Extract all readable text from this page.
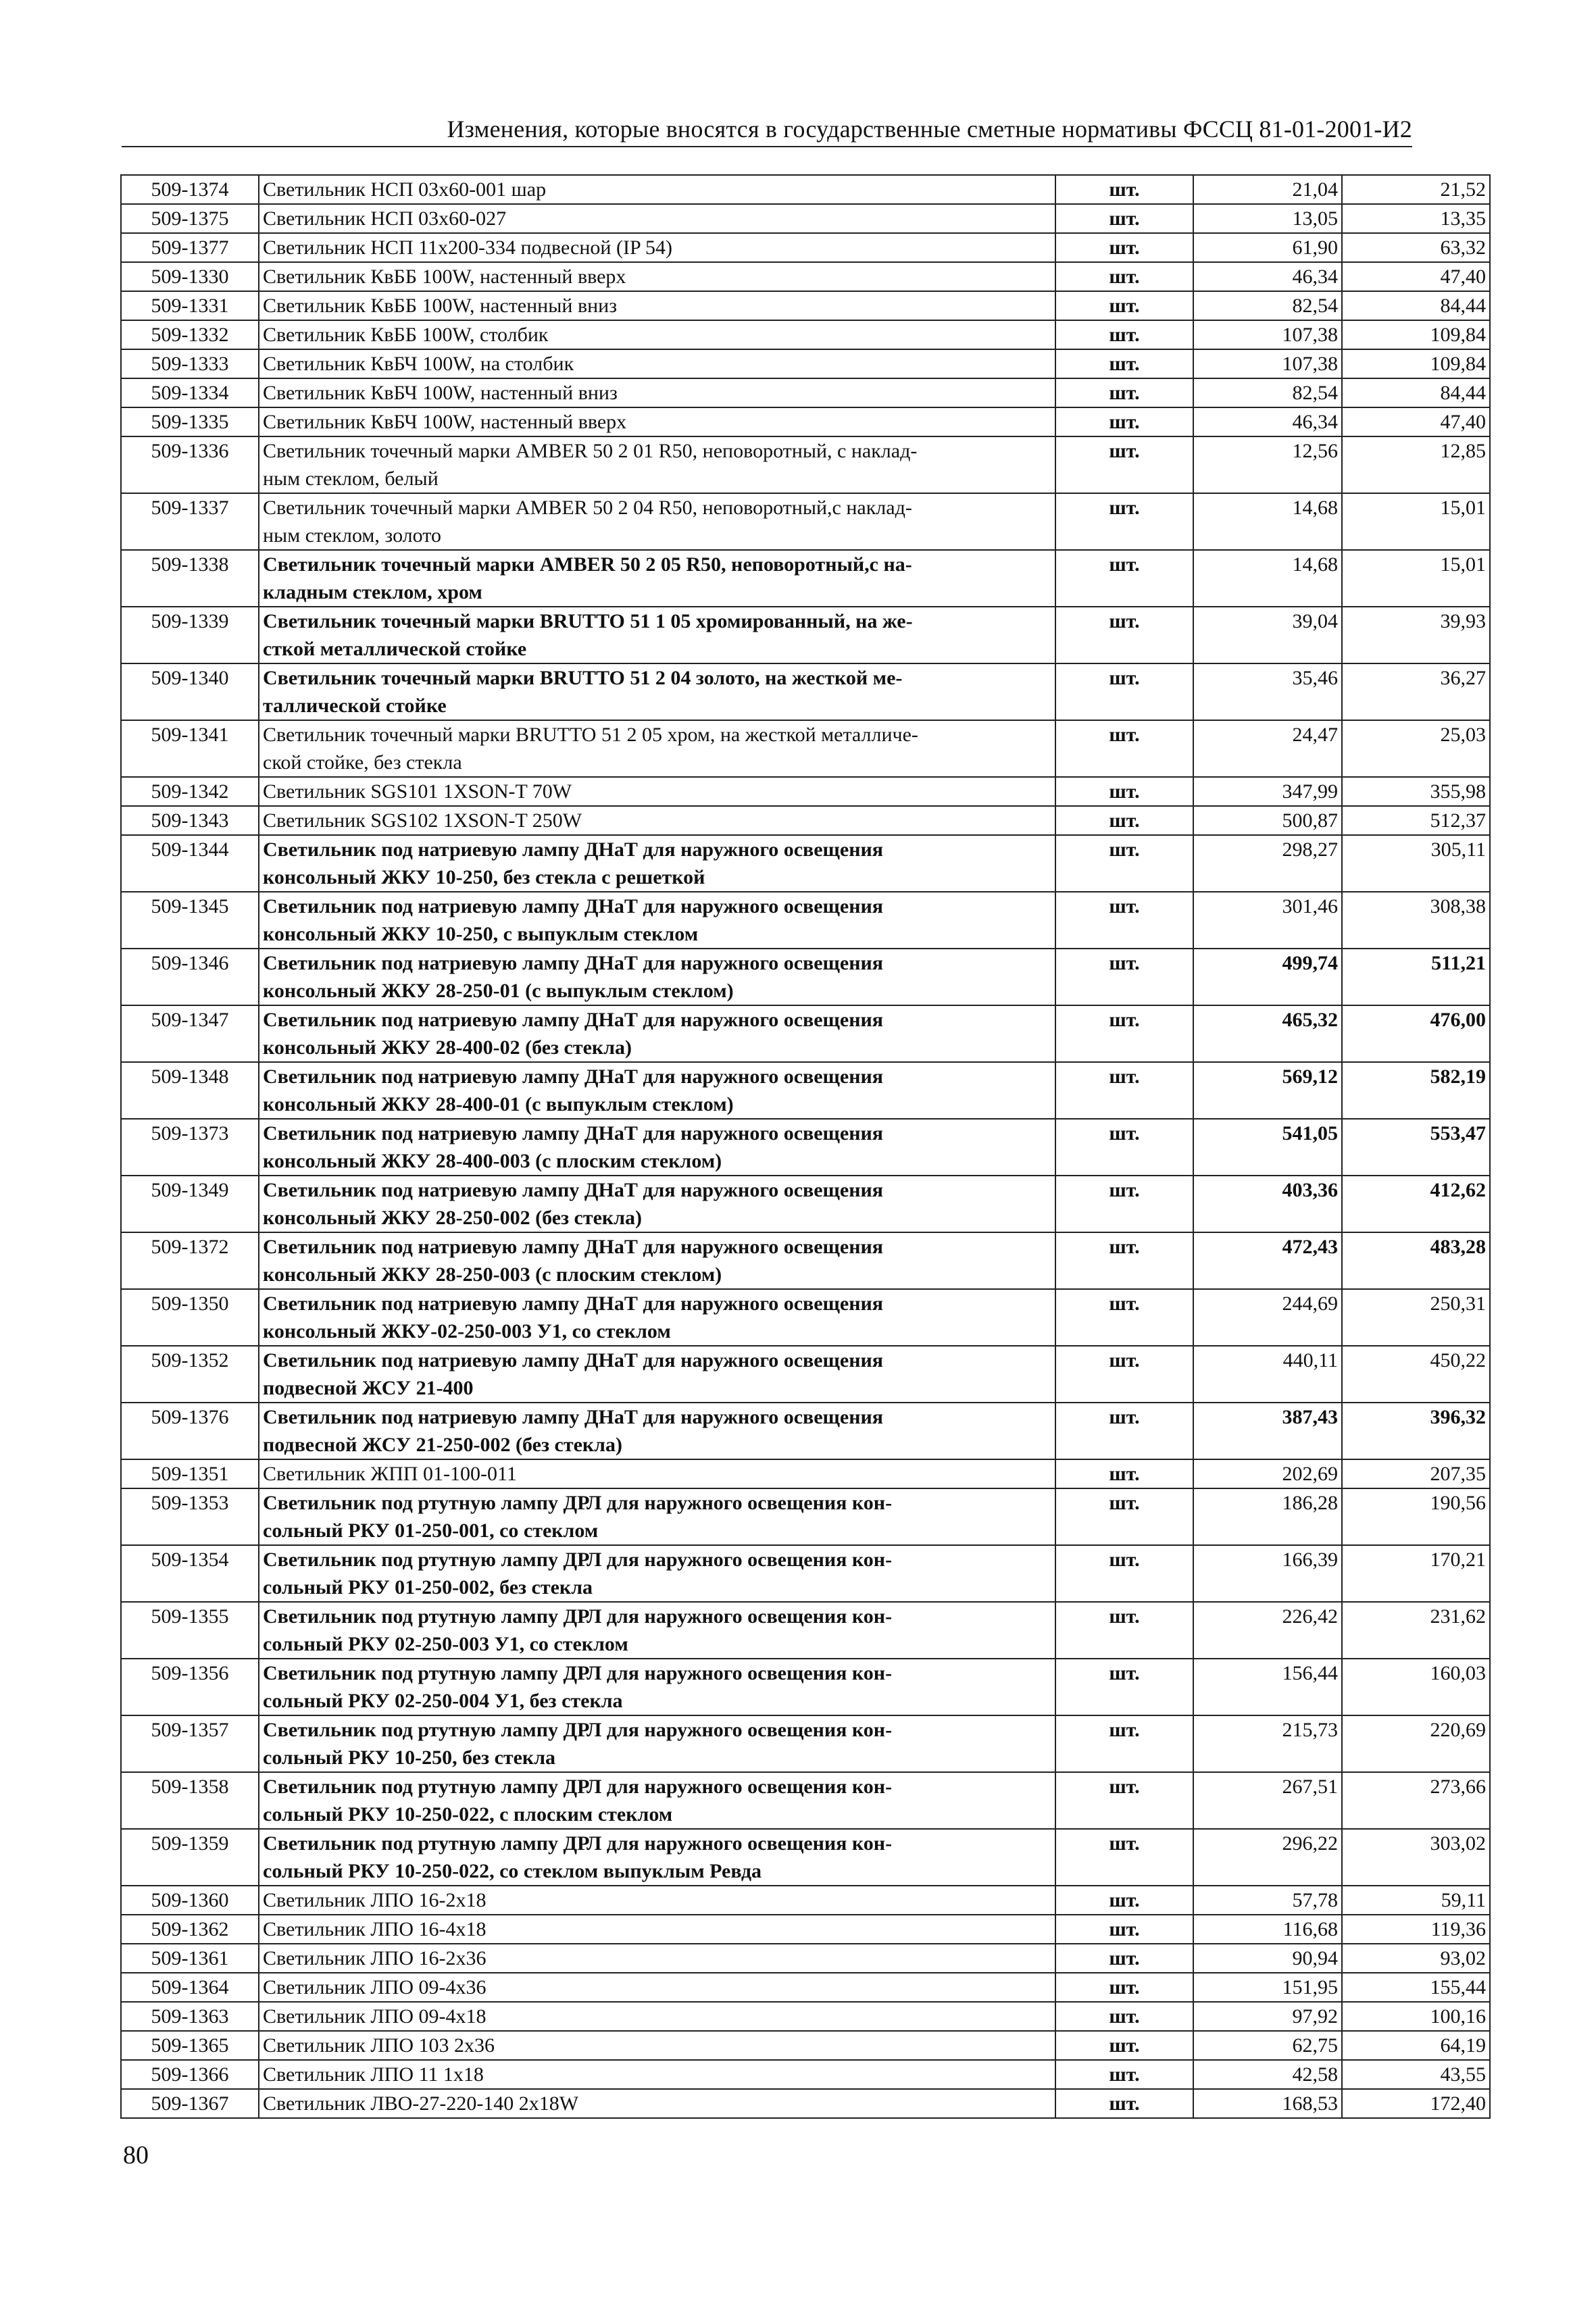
Изменения, которые вносятся в государственные сметные нормативы ФССЦ 81-01-2001-И2
509-1374	Светильник НСП 03х60-001 шар	шт.	21,04	21,52
509-1375	Светильник НСП 03х60-027	шт.	13,05	13,35
509-1377	Светильник НСП 11х200-334 подвесной (IP 54)	шт.	61,90	63,32
509-1330	Светильник КвББ 100W, настенный вверх	шт.	46,34	47,40
509-1331	Светильник КвББ 100W, настенный вниз	шт.	82,54	84,44
509-1332	Светильник КвББ 100W, столбик	шт.	107,38	109,84
509-1333	Светильник КвБЧ 100W, на столбик	шт.	107,38	109,84
509-1334	Светильник КвБЧ 100W, настенный вниз	шт.	82,54	84,44
509-1335	Светильник КвБЧ 100W, настенный вверх	шт.	46,34	47,40
509-1336	Светильник точечный марки AMBER 50 2 01 R50, неповоротный, с наклад-
ным стеклом, белый	шт.	12,56	12,85
509-1337	Светильник точечный марки AMBER 50 2 04 R50, неповоротный,с наклад-
ным стеклом, золото	шт.	14,68	15,01
509-1338	Светильник точечный марки AMBER 50 2 05 R50, неповоротный,с на-
кладным стеклом, хром	шт.	14,68	15,01
509-1339	Светильник точечный марки BRUTTO 51 1 05 хромированный, на же-
сткой металлической стойке	шт.	39,04	39,93
509-1340	Светильник точечный марки BRUTTO 51 2 04 золото, на жесткой ме-
таллической стойке	шт.	35,46	36,27
509-1341	Светильник точечный марки BRUTTO 51 2 05 хром, на жесткой металличе-
ской стойке, без стекла	шт.	24,47	25,03
509-1342	Светильник SGS101 1XSON-T 70W	шт.	347,99	355,98
509-1343	Светильник SGS102 1XSON-T 250W	шт.	500,87	512,37
509-1344	Светильник под натриевую лампу ДНаТ для наружного освещения
консольный ЖКУ 10-250, без стекла с решеткой	шт.	298,27	305,11
509-1345	Светильник под натриевую лампу ДНаТ для наружного освещения
консольный ЖКУ 10-250, с выпуклым стеклом	шт.	301,46	308,38
509-1346	Светильник под натриевую лампу ДНаТ для наружного освещения
консольный ЖКУ 28-250-01 (с выпуклым стеклом)	шт.	499,74	511,21
509-1347	Светильник под натриевую лампу ДНаТ для наружного освещения
консольный ЖКУ 28-400-02 (без стекла)	шт.	465,32	476,00
509-1348	Светильник под натриевую лампу ДНаТ для наружного освещения
консольный ЖКУ 28-400-01 (с выпуклым стеклом)	шт.	569,12	582,19
509-1373	Светильник под натриевую лампу ДНаТ для наружного освещения
консольный ЖКУ 28-400-003 (с плоским стеклом)	шт.	541,05	553,47
509-1349	Светильник под натриевую лампу ДНаТ для наружного освещения
консольный ЖКУ 28-250-002 (без стекла)	шт.	403,36	412,62
509-1372	Светильник под натриевую лампу ДНаТ для наружного освещения
консольный ЖКУ 28-250-003 (с плоским стеклом)	шт.	472,43	483,28
509-1350	Светильник под натриевую лампу ДНаТ для наружного освещения
консольный ЖКУ-02-250-003 У1, со стеклом	шт.	244,69	250,31
509-1352	Светильник под натриевую лампу ДНаТ для наружного освещения
подвесной ЖСУ 21-400	шт.	440,11	450,22
509-1376	Светильник под натриевую лампу ДНаТ для наружного освещения
подвесной ЖСУ 21-250-002 (без стекла)	шт.	387,43	396,32
509-1351	Светильник ЖПП 01-100-011	шт.	202,69	207,35
509-1353	Светильник под ртутную лампу ДРЛ для наружного освещения кон-
сольный РКУ 01-250-001, со стеклом	шт.	186,28	190,56
509-1354	Светильник под ртутную лампу ДРЛ для наружного освещения кон-
сольный РКУ 01-250-002, без стекла	шт.	166,39	170,21
509-1355	Светильник под ртутную лампу ДРЛ для наружного освещения кон-
сольный РКУ 02-250-003 У1, со стеклом	шт.	226,42	231,62
509-1356	Светильник под ртутную лампу ДРЛ для наружного освещения кон-
сольный РКУ 02-250-004 У1, без стекла	шт.	156,44	160,03
509-1357	Светильник под ртутную лампу ДРЛ для наружного освещения кон-
сольный РКУ 10-250, без стекла	шт.	215,73	220,69
509-1358	Светильник под ртутную лампу ДРЛ для наружного освещения кон-
сольный РКУ 10-250-022, с плоским стеклом	шт.	267,51	273,66
509-1359	Светильник под ртутную лампу ДРЛ для наружного освещения кон-
сольный РКУ 10-250-022, со стеклом выпуклым Ревда	шт.	296,22	303,02
509-1360	Светильник ЛПО 16-2х18	шт.	57,78	59,11
509-1362	Светильник ЛПО 16-4х18	шт.	116,68	119,36
509-1361	Светильник ЛПО 16-2х36	шт.	90,94	93,02
509-1364	Светильник ЛПО 09-4х36	шт.	151,95	155,44
509-1363	Светильник ЛПО 09-4х18	шт.	97,92	100,16
509-1365	Светильник ЛПО 103 2х36	шт.	62,75	64,19
509-1366	Светильник ЛПО 11 1х18	шт.	42,58	43,55
509-1367	Светильник ЛВО-27-220-140 2х18W	шт.	168,53	172,40
80
